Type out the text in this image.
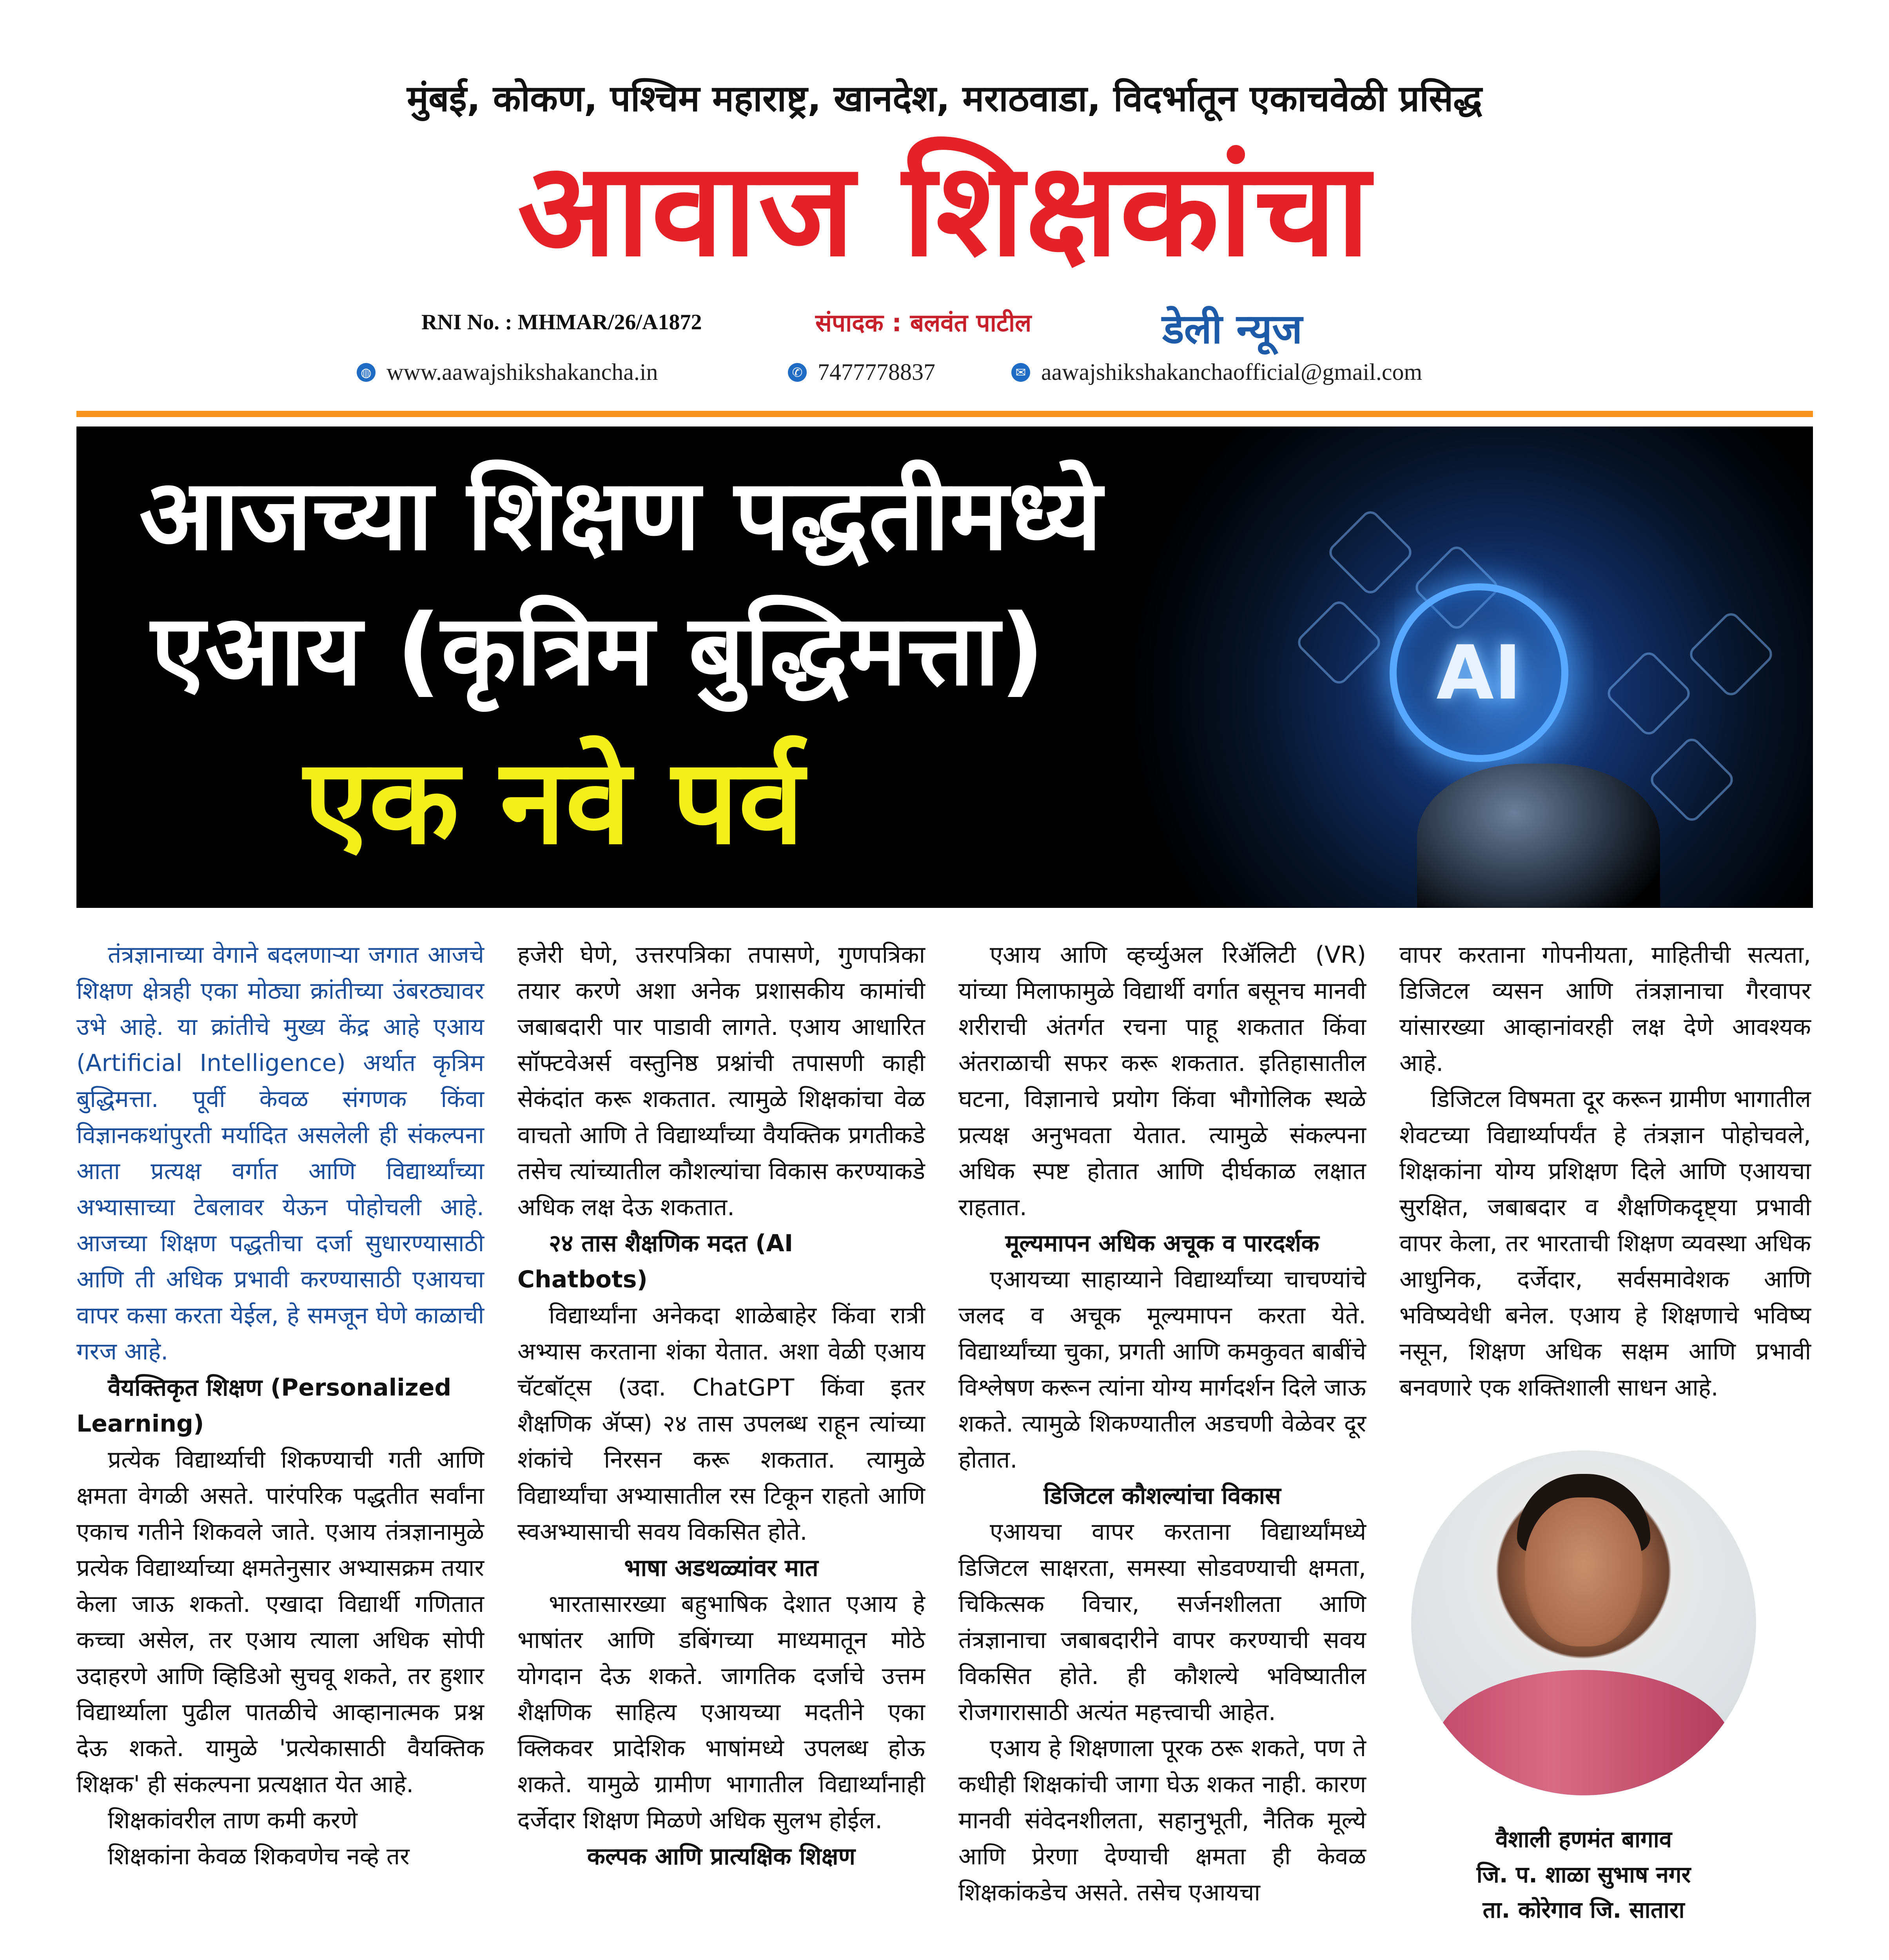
मुंबई, कोकण, पश्चिम महाराष्ट्र, खानदेश, मराठवाडा, विदर्भातून एकाचवेळी प्रसिद्ध
आवाज शिक्षकांचा
RNI No. : MHMAR/26/A1872	संपादक : बलवंत पाटील	डेली न्यूज
◍ www.aawajshikshakancha.in	✆ 7477778837	✉ aawajshikshakanchaofficial@gmail.com
AI
आजच्या शिक्षण पद्धतीमध्ये
एआय (कृत्रिम बुद्धिमत्ता)
एक नवे पर्व

तंत्रज्ञानाच्या वेगाने बदलणाऱ्या जगात आजचे शिक्षण क्षेत्रही एका मोठ्या क्रांतीच्या उंबरठ्यावर उभे आहे. या क्रांतीचे मुख्य केंद्र आहे एआय (Artificial Intelligence) अर्थात कृत्रिम बुद्धिमत्ता. पूर्वी केवळ संगणक किंवा विज्ञानकथांपुरती मर्यादित असलेली ही संकल्पना आता प्रत्यक्ष वर्गात आणि विद्यार्थ्यांच्या अभ्यासाच्या टेबलावर येऊन पोहोचली आहे. आजच्या शिक्षण पद्धतीचा दर्जा सुधारण्यासाठी आणि ती अधिक प्रभावी करण्यासाठी एआयचा वापर कसा करता येईल, हे समजून घेणे काळाची गरज आहे.

वैयक्तिकृत शिक्षण (Personalized Learning)

प्रत्येक विद्यार्थ्याची शिकण्याची गती आणि क्षमता वेगळी असते. पारंपरिक पद्धतीत सर्वांना एकाच गतीने शिकवले जाते. एआय तंत्रज्ञानामुळे प्रत्येक विद्यार्थ्याच्या क्षमतेनुसार अभ्यासक्रम तयार केला जाऊ शकतो. एखादा विद्यार्थी गणितात कच्चा असेल, तर एआय त्याला अधिक सोपी उदाहरणे आणि व्हिडिओ सुचवू शकते, तर हुशार विद्यार्थ्याला पुढील पातळीचे आव्हानात्मक प्रश्न देऊ शकते. यामुळे 'प्रत्येकासाठी वैयक्तिक शिक्षक' ही संकल्पना प्रत्यक्षात येत आहे.

शिक्षकांवरील ताण कमी करणे

शिक्षकांना केवळ शिकवणेच नव्हे तर

हजेरी घेणे, उत्तरपत्रिका तपासणे, गुणपत्रिका तयार करणे अशा अनेक प्रशासकीय कामांची जबाबदारी पार पाडावी लागते. एआय आधारित सॉफ्टवेअर्स वस्तुनिष्ठ प्रश्नांची तपासणी काही सेकंदांत करू शकतात. त्यामुळे शिक्षकांचा वेळ वाचतो आणि ते विद्यार्थ्यांच्या वैयक्तिक प्रगतीकडे तसेच त्यांच्यातील कौशल्यांचा विकास करण्याकडे अधिक लक्ष देऊ शकतात.

२४ तास शैक्षणिक मदत (AI Chatbots)

विद्यार्थ्यांना अनेकदा शाळेबाहेर किंवा रात्री अभ्यास करताना शंका येतात. अशा वेळी एआय चॅटबॉट्स (उदा. ChatGPT किंवा इतर शैक्षणिक ॲप्स) २४ तास उपलब्ध राहून त्यांच्या शंकांचे निरसन करू शकतात. त्यामुळे विद्यार्थ्यांचा अभ्यासातील रस टिकून राहतो आणि स्वअभ्यासाची सवय विकसित होते.

भाषा अडथळ्यांवर मात

भारतासारख्या बहुभाषिक देशात एआय हे भाषांतर आणि डबिंगच्या माध्यमातून मोठे योगदान देऊ शकते. जागतिक दर्जाचे उत्तम शैक्षणिक साहित्य एआयच्या मदतीने एका क्लिकवर प्रादेशिक भाषांमध्ये उपलब्ध होऊ शकते. यामुळे ग्रामीण भागातील विद्यार्थ्यांनाही दर्जेदार शिक्षण मिळणे अधिक सुलभ होईल.

कल्पक आणि प्रात्यक्षिक शिक्षण

एआय आणि व्हर्च्युअल रिॲलिटी (VR) यांच्या मिलाफामुळे विद्यार्थी वर्गात बसूनच मानवी शरीराची अंतर्गत रचना पाहू शकतात किंवा अंतराळाची सफर करू शकतात. इतिहासातील घटना, विज्ञानाचे प्रयोग किंवा भौगोलिक स्थळे प्रत्यक्ष अनुभवता येतात. त्यामुळे संकल्पना अधिक स्पष्ट होतात आणि दीर्घकाळ लक्षात राहतात.

मूल्यमापन अधिक अचूक व पारदर्शक

एआयच्या साहाय्याने विद्यार्थ्यांच्या चाचण्यांचे जलद व अचूक मूल्यमापन करता येते. विद्यार्थ्यांच्या चुका, प्रगती आणि कमकुवत बाबींचे विश्लेषण करून त्यांना योग्य मार्गदर्शन दिले जाऊ शकते. त्यामुळे शिकण्यातील अडचणी वेळेवर दूर होतात.

डिजिटल कौशल्यांचा विकास

एआयचा वापर करताना विद्यार्थ्यांमध्ये डिजिटल साक्षरता, समस्या सोडवण्याची क्षमता, चिकित्सक विचार, सर्जनशीलता आणि तंत्रज्ञानाचा जबाबदारीने वापर करण्याची सवय विकसित होते. ही कौशल्ये भविष्यातील रोजगारासाठी अत्यंत महत्त्वाची आहेत.

एआय हे शिक्षणाला पूरक ठरू शकते, पण ते कधीही शिक्षकांची जागा घेऊ शकत नाही. कारण मानवी संवेदनशीलता, सहानुभूती, नैतिक मूल्ये आणि प्रेरणा देण्याची क्षमता ही केवळ शिक्षकांकडेच असते. तसेच एआयचा

वापर करताना गोपनीयता, माहितीची सत्यता, डिजिटल व्यसन आणि तंत्रज्ञानाचा गैरवापर यांसारख्या आव्हानांवरही लक्ष देणे आवश्यक आहे.

डिजिटल विषमता दूर करून ग्रामीण भागातील शेवटच्या विद्यार्थ्यापर्यंत हे तंत्रज्ञान पोहोचवले, शिक्षकांना योग्य प्रशिक्षण दिले आणि एआयचा सुरक्षित, जबाबदार व शैक्षणिकदृष्ट्या प्रभावी वापर केला, तर भारताची शिक्षण व्यवस्था अधिक आधुनिक, दर्जेदार, सर्वसमावेशक आणि भविष्यवेधी बनेल. एआय हे शिक्षणाचे भविष्य नसून, शिक्षण अधिक सक्षम आणि प्रभावी बनवणारे एक शक्तिशाली साधन आहे.

वैशाली हणमंत बागाव
जि. प. शाळा सुभाष नगर
ता. कोरेगाव जि. सातारा
